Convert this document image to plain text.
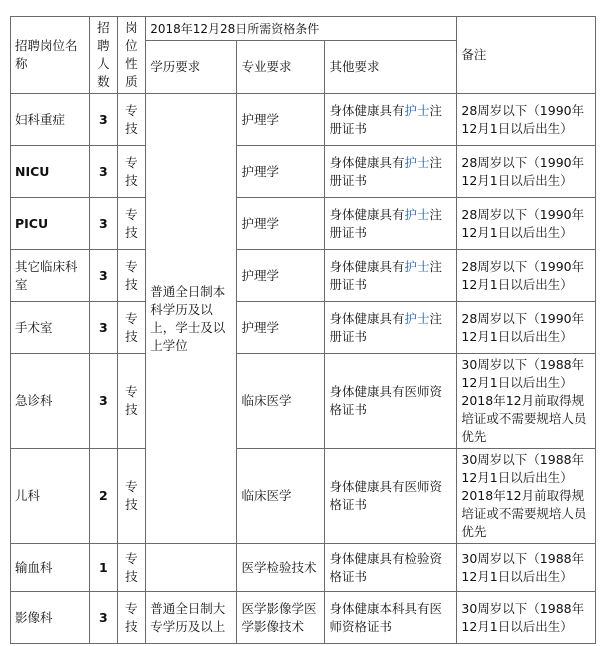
招聘岗位名称	招聘人数	岗位性质	2018年12月28日所需资格条件			备注
			学历要求	专业要求	其他要求	
妇科重症	3	专技	普通全日制本科学历及以上，学士及以上学位	护理学	身体健康具有护士注册证书	28周岁以下（1990年12月1日以后出生）
NICU	3	专技		护理学	身体健康具有护士注册证书	28周岁以下（1990年12月1日以后出生）
PICU	3	专技		护理学	身体健康具有护士注册证书	28周岁以下（1990年12月1日以后出生）
其它临床科室	3	专技		护理学	身体健康具有护士注册证书	28周岁以下（1990年12月1日以后出生）
手术室	3	专技		护理学	身体健康具有护士注册证书	28周岁以下（1990年12月1日以后出生）
急诊科	3	专技		临床医学	身体健康具有医师资格证书	30周岁以下（1988年12月1日以后出生）2018年12月前取得规培证或不需要规培人员优先
儿科	2	专技		临床医学	身体健康具有医师资格证书	30周岁以下（1988年12月1日以后出生）2018年12月前取得规培证或不需要规培人员优先
输血科	1	专技		医学检验技术	身体健康具有检验资格证书	30周岁以下（1988年12月1日以后出生）
影像科	3	专技	普通全日制大专学历及以上	医学影像学医学影像技术	身体健康本科具有医师资格证书	30周岁以下（1988年12月1日以后出生）
